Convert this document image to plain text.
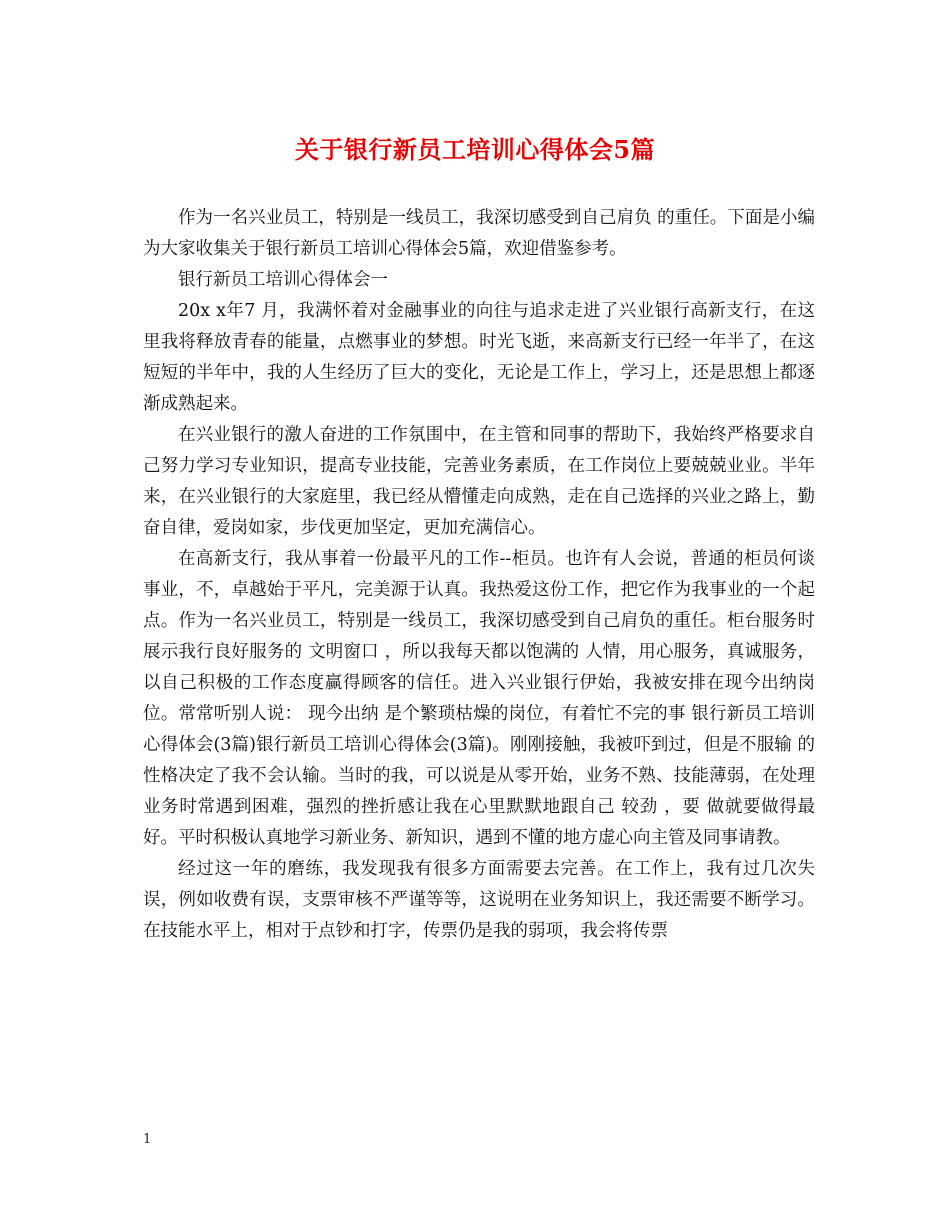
关于银行新员工培训心得体会5篇

作为一名兴业员工，特别是一线员工，我深切感受到自己肩负 的重任。下面是小编为大家收集关于银行新员工培训心得体会5篇，欢迎借鉴参考。

银行新员工培训心得体会一

20x x年7 月，我满怀着对金融事业的向往与追求走进了兴业银行高新支行，在这里我将释放青春的能量，点燃事业的梦想。时光飞逝，来高新支行已经一年半了，在这短短的半年中，我的人生经历了巨大的变化，无论是工作上，学习上，还是思想上都逐渐成熟起来。

在兴业银行的激人奋进的工作氛围中，在主管和同事的帮助下，我始终严格要求自己努力学习专业知识，提高专业技能，完善业务素质，在工作岗位上要兢兢业业。半年来，在兴业银行的大家庭里，我已经从懵懂走向成熟，走在自己选择的兴业之路上，勤奋自律，爱岗如家，步伐更加坚定，更加充满信心。

在高新支行，我从事着一份最平凡的工作--柜员。也许有人会说，普通的柜员何谈事业，不，卓越始于平凡，完美源于认真。我热爱这份工作，把它作为我事业的一个起点。作为一名兴业员工，特别是一线员工，我深切感受到自己肩负的重任。柜台服务时展示我行良好服务的 文明窗口 ，所以我每天都以饱满的 人情，用心服务，真诚服务，以自己积极的工作态度赢得顾客的信任。进入兴业银行伊始，我被安排在现今出纳岗位。常常听别人说： 现今出纳 是个繁琐枯燥的岗位，有着忙不完的事 银行新员工培训心得体会(3篇)银行新员工培训心得体会(3篇)。刚刚接触，我被吓到过，但是不服输 的性格决定了我不会认输。当时的我，可以说是从零开始，业务不熟、技能薄弱，在处理业务时常遇到困难，强烈的挫折感让我在心里默默地跟自己 较劲 ，要 做就要做得最好。平时积极认真地学习新业务、新知识，遇到不懂的地方虚心向主管及同事请教。

经过这一年的磨练，我发现我有很多方面需要去完善。在工作上，我有过几次失误，例如收费有误，支票审核不严谨等等，这说明在业务知识上，我还需要不断学习。在技能水平上，相对于点钞和打字，传票仍是我的弱项，我会将传票

1
